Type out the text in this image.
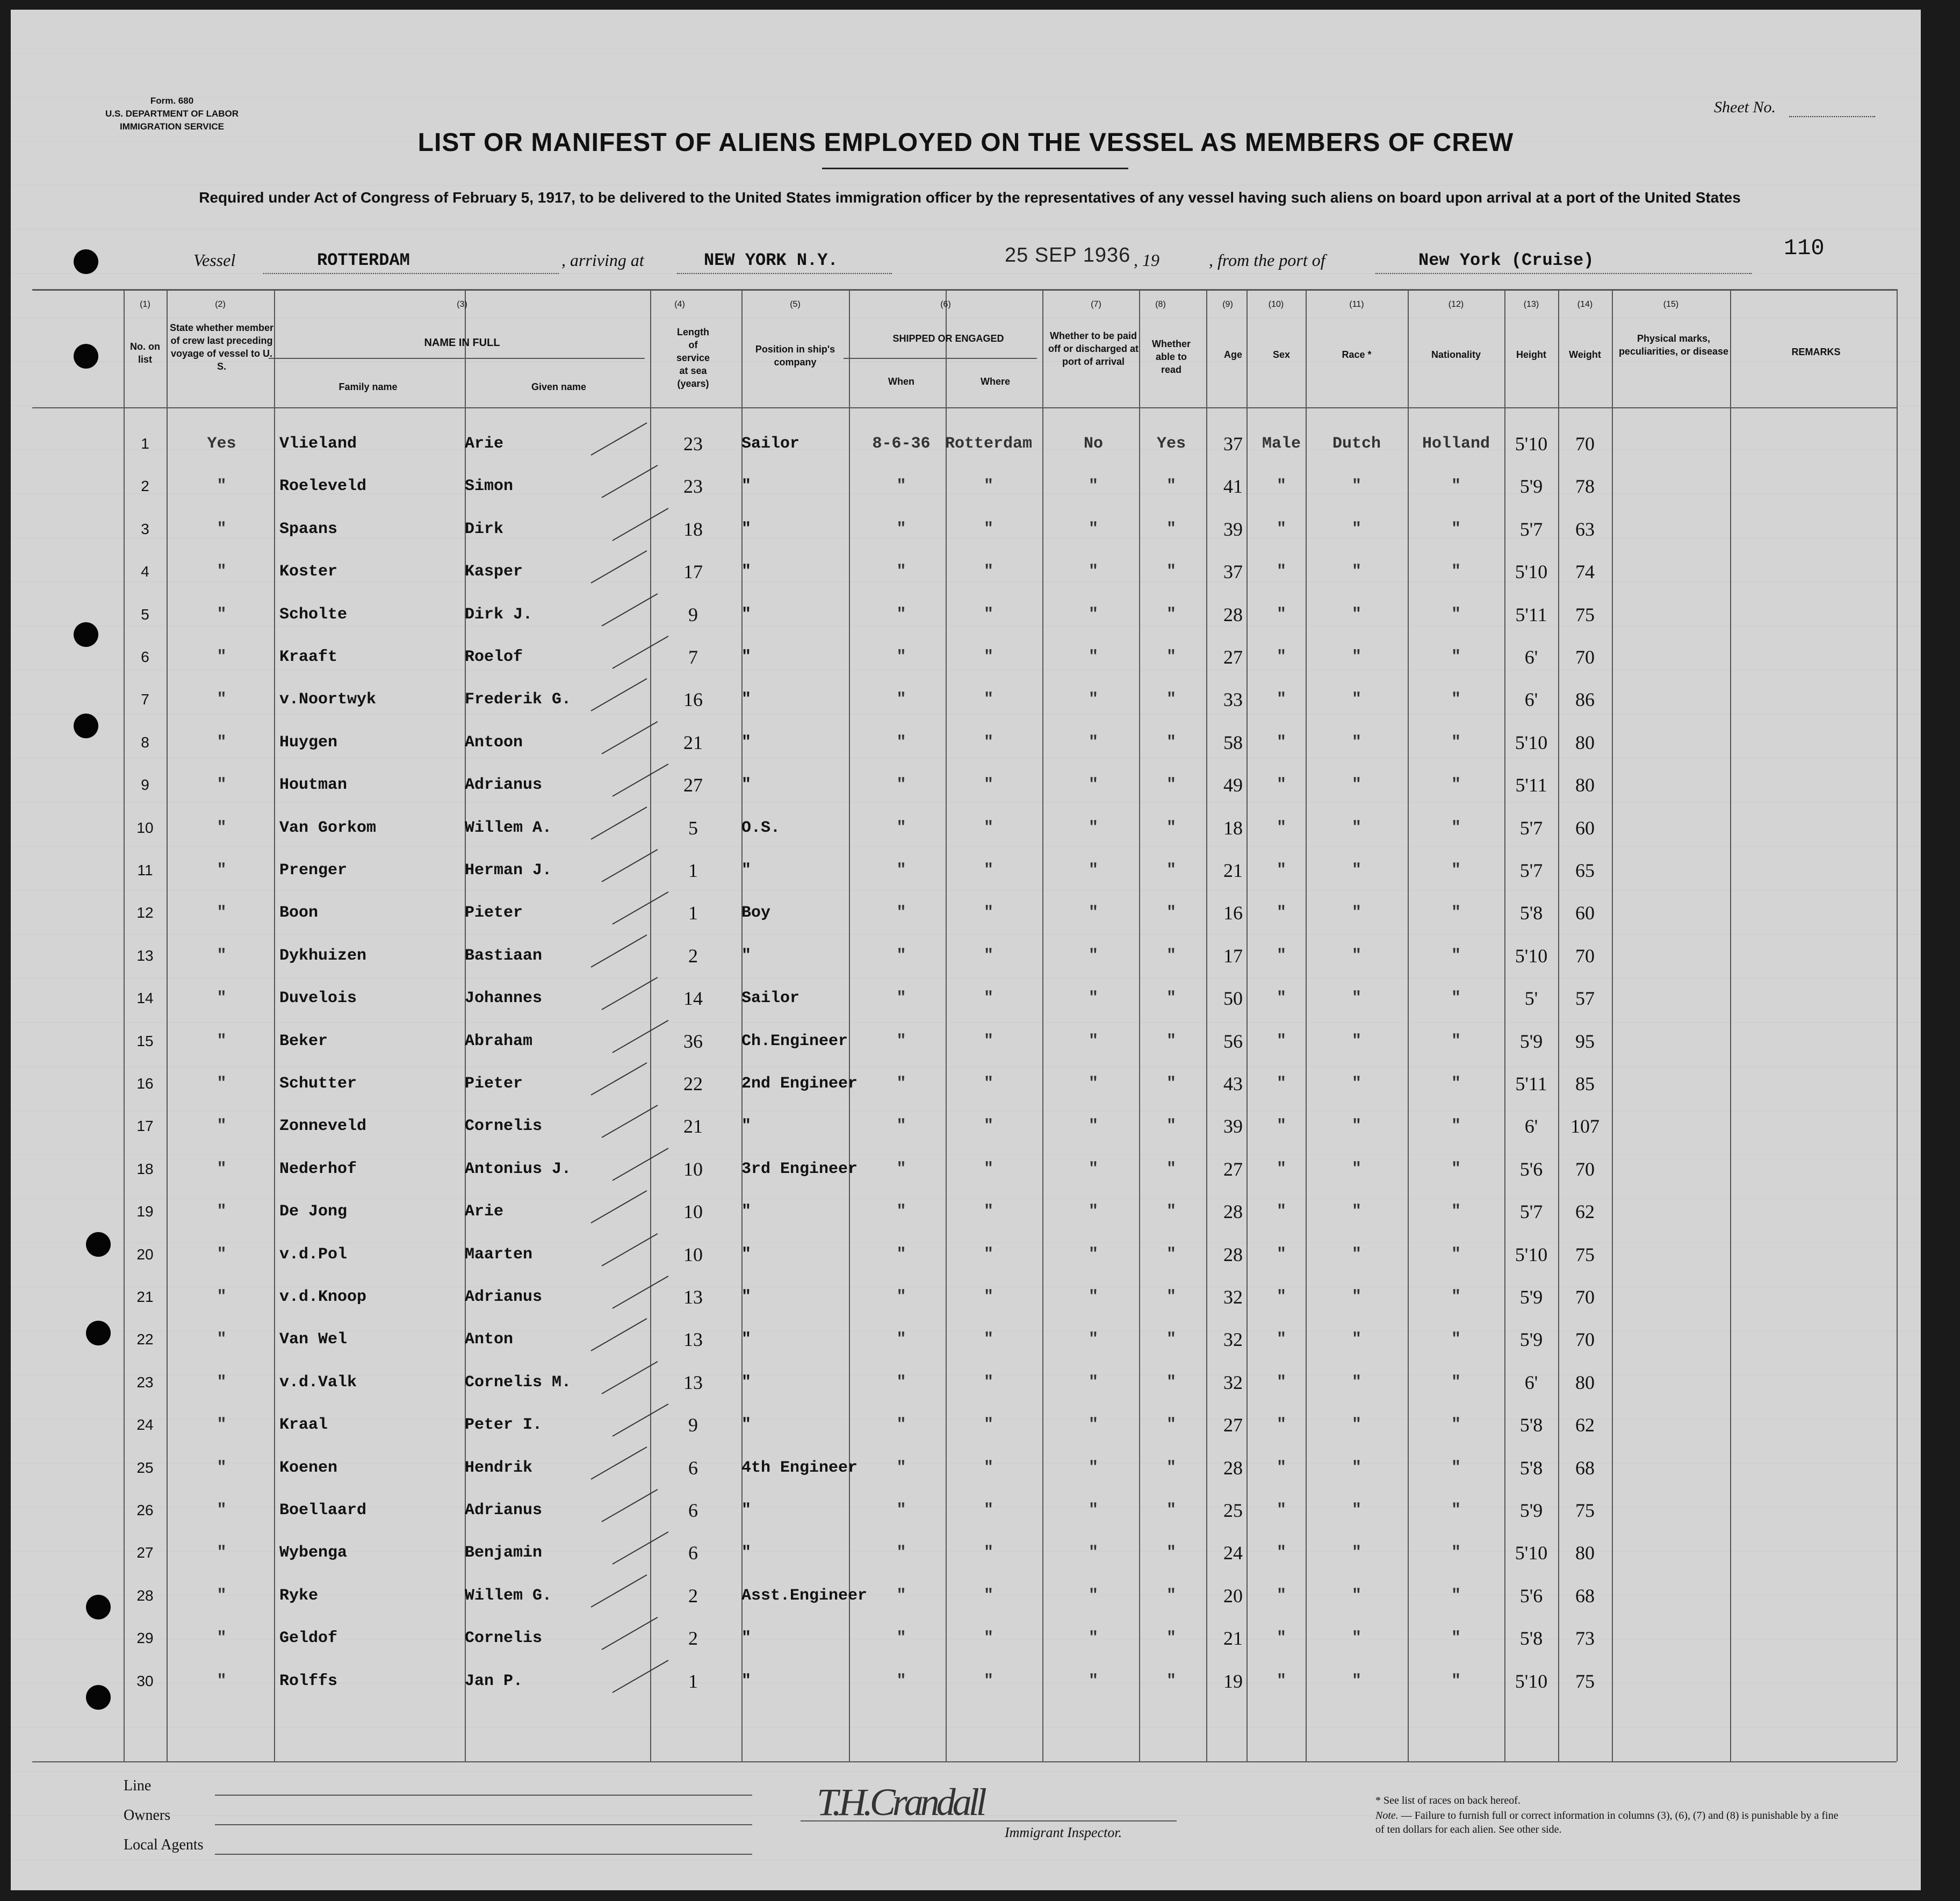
Form. 680
U.S. DEPARTMENT OF LABOR
IMMIGRATION SERVICE
Sheet No.
LIST OR MANIFEST OF ALIENS EMPLOYED ON THE VESSEL AS MEMBERS OF CREW
Required under Act of Congress of February 5, 1917, to be delivered to the United States immigration officer by the representatives of any vessel having such aliens on board upon arrival at a port of the United States
Vessel	ROTTERDAM	, arriving at	NEW YORK N.Y.	25 SEP 1936 , 19	, from the port of	New York (Cruise)	110
(1)	(2)	(3)	(4)	(5)	(6)	(7)	(8)	(9)	(10)	(11)	(12)	(13)	(14)	(15)
No. on list
State whether member of crew last preceding voyage of vessel to U. S.
NAME IN FULL
Family name	Given name
Length of service at sea (years)
Position in ship's company
SHIPPED OR ENGAGED
When	Where
Whether to be paid off or discharged at port of arrival
Whether able to read
Age	Sex	Race *	Nationality	Height	Weight
Physical marks, peculiarities, or disease	REMARKS
1	Yes	Vlieland	Arie	23	Sailor	8-6-36 Rotterdam	No	Yes	37	Male	Dutch	Holland	5'10	70
2	"	Roeleveld	Simon	23	"	"	"	"	"	41	"	"	"	5'9	78
3	"	Spaans	Dirk	18	"	"	"	"	"	39	"	"	"	5'7	63
4	"	Koster	Kasper	17	"	"	"	"	"	37	"	"	"	5'10	74
5	"	Scholte	Dirk J.	9	"	"	"	"	"	28	"	"	"	5'11	75
6	"	Kraaft	Roelof	7	"	"	"	"	"	27	"	"	"	6'	70
7	"	v.Noortwyk	Frederik G.	16	"	"	"	"	"	33	"	"	"	6'	86
8	"	Huygen	Antoon	21	"	"	"	"	"	58	"	"	"	5'10	80
9	"	Houtman	Adrianus	27	"	"	"	"	"	49	"	"	"	5'11	80
10	"	Van Gorkom	Willem A.	5	O.S.	"	"	"	"	18	"	"	"	5'7	60
11	"	Prenger	Herman J.	1	"	"	"	"	"	21	"	"	"	5'7	65
12	"	Boon	Pieter	1	Boy	"	"	"	"	16	"	"	"	5'8	60
13	"	Dykhuizen	Bastiaan	2	"	"	"	"	"	17	"	"	"	5'10	70
14	"	Duvelois	Johannes	14	Sailor	"	"	"	"	50	"	"	"	5'	57
15	"	Beker	Abraham	36	Ch.Engineer	"	"	"	"	56	"	"	"	5'9	95
16	"	Schutter	Pieter	22	2nd Engineer	"	"	"	"	43	"	"	"	5'11	85
17	"	Zonneveld	Cornelis	21	"	"	"	"	"	39	"	"	"	6'	107
18	"	Nederhof	Antonius J.	10	3rd Engineer	"	"	"	"	27	"	"	"	5'6	70
19	"	De Jong	Arie	10	"	"	"	"	"	28	"	"	"	5'7	62
20	"	v.d.Pol	Maarten	10	"	"	"	"	"	28	"	"	"	5'10	75
21	"	v.d.Knoop	Adrianus	13	"	"	"	"	"	32	"	"	"	5'9	70
22	"	Van Wel	Anton	13	"	"	"	"	"	32	"	"	"	5'9	70
23	"	v.d.Valk	Cornelis M.	13	"	"	"	"	"	32	"	"	"	6'	80
24	"	Kraal	Peter I.	9	"	"	"	"	"	27	"	"	"	5'8	62
25	"	Koenen	Hendrik	6	4th Engineer	"	"	"	"	28	"	"	"	5'8	68
26	"	Boellaard	Adrianus	6	"	"	"	"	"	25	"	"	"	5'9	75
27	"	Wybenga	Benjamin	6	"	"	"	"	"	24	"	"	"	5'10	80
28	"	Ryke	Willem G.	2	Asst.Engineer	"	"	"	"	20	"	"	"	5'6	68
29	"	Geldof	Cornelis	2	"	"	"	"	"	21	"	"	"	5'8	73
30	"	Rolffs	Jan P.	1	"	"	"	"	"	19	"	"	"	5'10	75
Line
Owners
Local Agents
T.H.Crandall
Immigrant Inspector.
* See list of races on back hereof.
Note. — Failure to furnish full or correct information in columns (3), (6), (7) and (8) is punishable by a fine of ten dollars for each alien. See other side.
